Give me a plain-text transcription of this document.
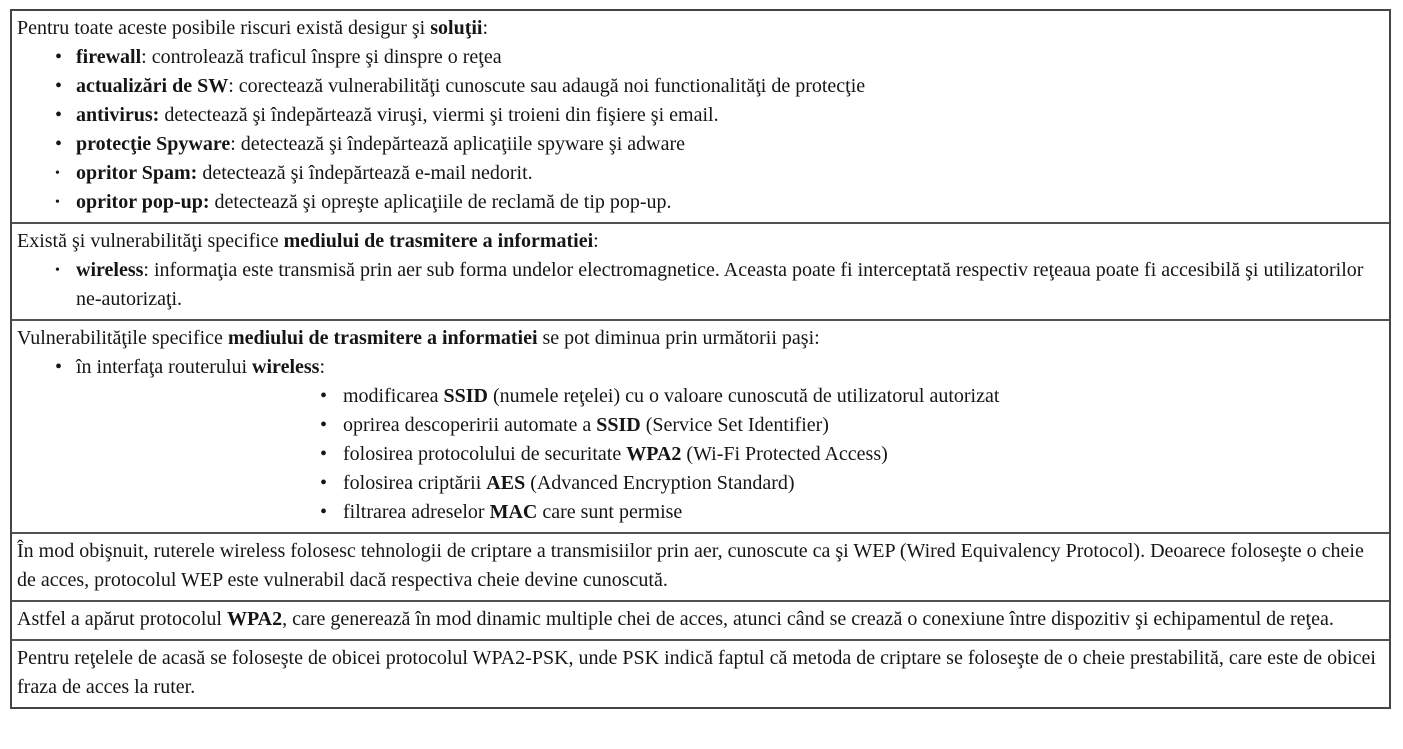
Pentru toate aceste posibile riscuri există desigur şi soluţii:

• firewall: controlează traficul înspre şi dinspre o reţea
• actualizări de SW: corectează vulnerabilităţi cunoscute sau adaugă noi functionalităţi de protecţie
• antivirus: detectează şi îndepărtează viruşi, viermi şi troieni din fişiere şi email.
• protecţie Spyware: detectează şi îndepărtează aplicaţiile spyware şi adware
• opritor Spam: detectează şi îndepărtează e-mail nedorit.
• opritor pop-up: detectează şi opreşte aplicaţiile de reclamă de tip pop-up.

Există şi vulnerabilităţi specifice mediului de trasmitere a informatiei:

• wireless: informaţia este transmisă prin aer sub forma undelor electromagnetice. Aceasta poate fi interceptată respectiv reţeaua poate fi accesibilă şi utilizatorilor ne-autorizaţi.

Vulnerabilităţile specifice mediului de trasmitere a informatiei se pot diminua prin următorii paşi:

• în interfaţa routerului wireless:
• modificarea SSID (numele reţelei) cu o valoare cunoscută de utilizatorul autorizat
• oprirea descoperirii automate a SSID (Service Set Identifier)
• folosirea protocolului de securitate WPA2 (Wi-Fi Protected Access)
• folosirea criptării AES (Advanced Encryption Standard)
• filtrarea adreselor MAC care sunt permise

În mod obişnuit, ruterele wireless folosesc tehnologii de criptare a transmisiilor prin aer, cunoscute ca şi WEP (Wired Equivalency Protocol). Deoarece foloseşte o cheie de acces, protocolul WEP este vulnerabil dacă respectiva cheie devine cunoscută.

Astfel a apărut protocolul WPA2, care generează în mod dinamic multiple chei de acces, atunci când se crează o conexiune între dispozitiv şi echipamentul de reţea.

Pentru reţelele de acasă se foloseşte de obicei protocolul WPA2-PSK, unde PSK indică faptul că metoda de criptare se foloseşte de o cheie prestabilită, care este de obicei fraza de acces la ruter.
